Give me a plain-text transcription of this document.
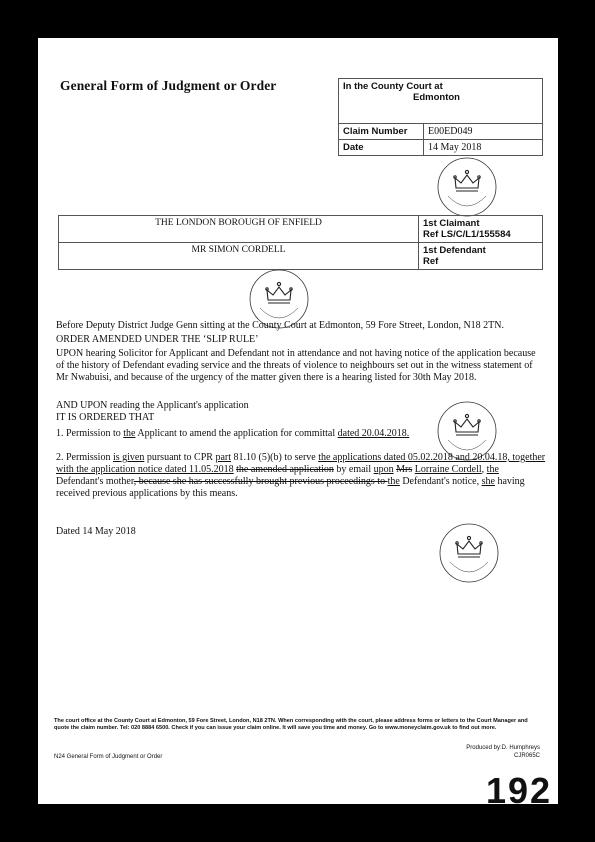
General Form of Judgment or Order	In the County Court at
Edmonton	

Claim Number	E00ED049
Date	14 May 2018
THE LONDON BOROUGH OF ENFIELD	1st Claimant
Ref LS/C/L1/155584

MR SIMON CORDELL	1st Defendant
Ref
Before Deputy District Judge Genn sitting at the County Court at Edmonton, 59 Fore Street, London, N18 2TN.
ORDER AMENDED UNDER THE ‘SLIP RULE’
UPON hearing Solicitor for Applicant and Defendant not in attendance and not having notice of the application because of the history of Defendant evading service and the threats of violence to neighbours set out in the witness statement of Mr Nwabuisi, and because of the urgency of the matter given there is a hearing listed for 30th May 2018.
AND UPON reading the Applicant's application
IT IS ORDERED THAT
1. Permission to the Applicant to amend the application for committal dated 20.04.2018.
2. Permission is given pursuant to CPR part 81.10 (5)(b) to serve the applications dated 05.02.2018 and 20.04.18, together with the application notice dated 11.05.2018 the amended application by email upon Mrs Lorraine Cordell, the Defendant's mother, because she has successfully brought previous proceedings to the Defendant's notice, she having received previous applications by this means.
Dated 14 May 2018
The court office at the County Court at Edmonton, 59 Fore Street, London, N18 2TN. When corresponding with the court, please address forms or letters to the Court Manager and quote the claim number. Tel: 020 8884 6500. Check if you can issue your claim online. It will save you time and money. Go to www.moneyclaim.gov.uk to find out more.
N24 General Form of Judgment or Order
Produced by:D. Humphreys
CJR065C
192
